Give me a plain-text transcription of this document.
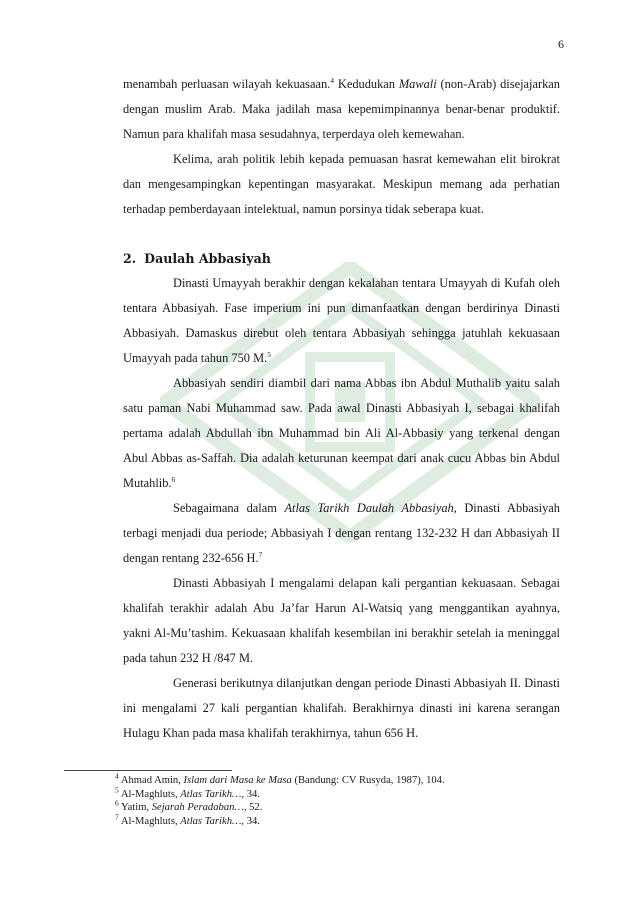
6

menambah perluasan wilayah kekuasaan.$^4$ Kedudukan Mawali (non-Arab) disejajarkan dengan muslim Arab. Maka jadilah masa kepemimpinannya benar-benar produktif. Namun para khalifah masa sesudahnya, terperdaya oleh kemewahan.

Kelima, arah politik lebih kepada pemuasan hasrat kemewahan elit birokrat dan mengesampingkan kepentingan masyarakat. Meskipun memang ada perhatian terhadap pemberdayaan intelektual, namun porsinya tidak seberapa kuat.

2. Daulah Abbasiyah

Dinasti Umayyah berakhir dengan kekalahan tentara Umayyah di Kufah oleh tentara Abbasiyah. Fase imperium ini pun dimanfaatkan dengan berdirinya Dinasti Abbasiyah. Damaskus direbut oleh tentara Abbasiyah sehingga jatuhlah kekuasaan Umayyah pada tahun 750 M.$^5$

Abbasiyah sendiri diambil dari nama Abbas ibn Abdul Muthalib yaitu salah satu paman Nabi Muhammad saw. Pada awal Dinasti Abbasiyah I, sebagai khalifah pertama adalah Abdullah ibn Muhammad bin Ali Al-Abbasiy yang terkenal dengan Abul Abbas as-Saffah. Dia adalah keturunan keempat dari anak cucu Abbas bin Abdul Mutahlib.$^6$

Sebagaimana dalam Atlas Tarikh Daulah Abbasiyah, Dinasti Abbasiyah terbagi menjadi dua periode; Abbasiyah I dengan rentang 132-232 H dan Abbasiyah II dengan rentang 232-656 H.$^7$

Dinasti Abbasiyah I mengalami delapan kali pergantian kekuasaan. Sebagai khalifah terakhir adalah Abu Ja’far Harun Al-Watsiq yang menggantikan ayahnya, yakni Al-Mu’tashim. Kekuasaan khalifah kesembilan ini berakhir setelah ia meninggal pada tahun 232 H /847 M.

Generasi berikutnya dilanjutkan dengan periode Dinasti Abbasiyah II. Dinasti ini mengalami 27 kali pergantian khalifah. Berakhirnya dinasti ini karena serangan Hulagu Khan pada masa khalifah terakhirnya, tahun 656 H.

$^4$ Ahmad Amin, Islam dari Masa ke Masa (Bandung: CV Rusyda, 1987), 104.
$^5$ Al-Maghluts, Atlas Tarikh…, 34.
$^6$ Yatim, Sejarah Peradaban…, 52.
$^7$ Al-Maghluts, Atlas Tarikh…, 34.
